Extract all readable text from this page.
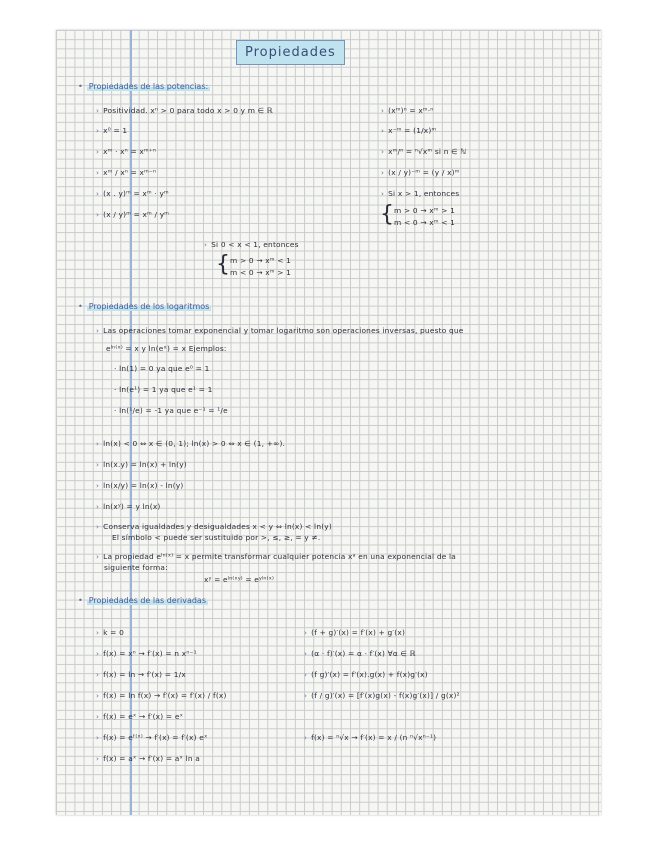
Propiedades
• Propiedades de las potencias:
› Positividad. xⁿ > 0 para todo x > 0 y m ∈ ℝ
› x⁰ = 1
› xᵐ · xⁿ = xᵐ⁺ⁿ
› xᵐ / xⁿ = xᵐ⁻ⁿ
› (x . y)ᵐ = xᵐ · yᵐ
› (x / y)ᵐ = xᵐ / yᵐ
› (xᵐ)ⁿ = xᵐ·ⁿ
› x⁻ᵐ = (1/x)ᵐ
› xᵐ/ⁿ = ⁿ√xᵐ si n ∈ ℕ
› (x / y)⁻ᵐ = (y / x)ᵐ
› Si x > 1, entonces
{ m > 0 → xᵐ > 1
m < 0 → xᵐ < 1
› Si 0 < x < 1, entonces
{ m > 0 → xᵐ < 1
m < 0 → xᵐ > 1
• Propiedades de los logaritmos
› Las operaciones tomar exponencial y tomar logaritmo son operaciones inversas, puesto que
eˡⁿ⁽ˣ⁾ = x y ln(eˣ) = x Ejemplos:
· ln(1) = 0 ya que e⁰ = 1
· ln(e¹) = 1 ya que e¹ = 1
· ln(¹/e) = -1 ya que e⁻¹ = ¹/e
› ln(x) < 0 ⇔ x ∈ (0, 1); ln(x) > 0 ⇔ x ∈ (1, +∞).
› ln(x.y) = ln(x) + ln(y)
› ln(x/y) = ln(x) - ln(y)
› ln(xʸ) = y ln(x)
› Conserva igualdades y desigualdades x < y ⇔ ln(x) < ln(y)
El símbolo < puede ser sustituido por >, ≤, ≥, = y ≠.
› La propiedad eˡⁿ⁽ˣ⁾ = x permite transformar cualquier potencia xᵃ en una exponencial de la
siguiente forma:
xʸ = eˡⁿ⁽ˣʸ⁾ = eʸˡⁿ⁽ˣ⁾
• Propiedades de las derivadas
› k = 0
› f(x) = xⁿ → f′(x) = n xⁿ⁻¹
› f(x) = ln → f′(x) = 1/x
› f(x) = ln f(x) → f′(x) = f′(x) / f(x)
› f(x) = eˣ → f′(x) = eˣ
› f(x) = eᶠ⁽ˣ⁾ → f′(x) = f′(x) eˣ
› f(x) = aˣ → f′(x) = aˣ ln a
› (f + g)′(x) = f′(x) + g′(x)
› (α · f)′(x) = α · f′(x) ∀α ∈ ℝ
› (f g)′(x) = f′(x).g(x) + f(x)g′(x)
› (f / g)′(x) = [f′(x)g(x) - f(x)g′(x)] / g(x)²
› f(x) = ⁿ√x → f′(x) = x / (n ⁿ√xⁿ⁻¹)
